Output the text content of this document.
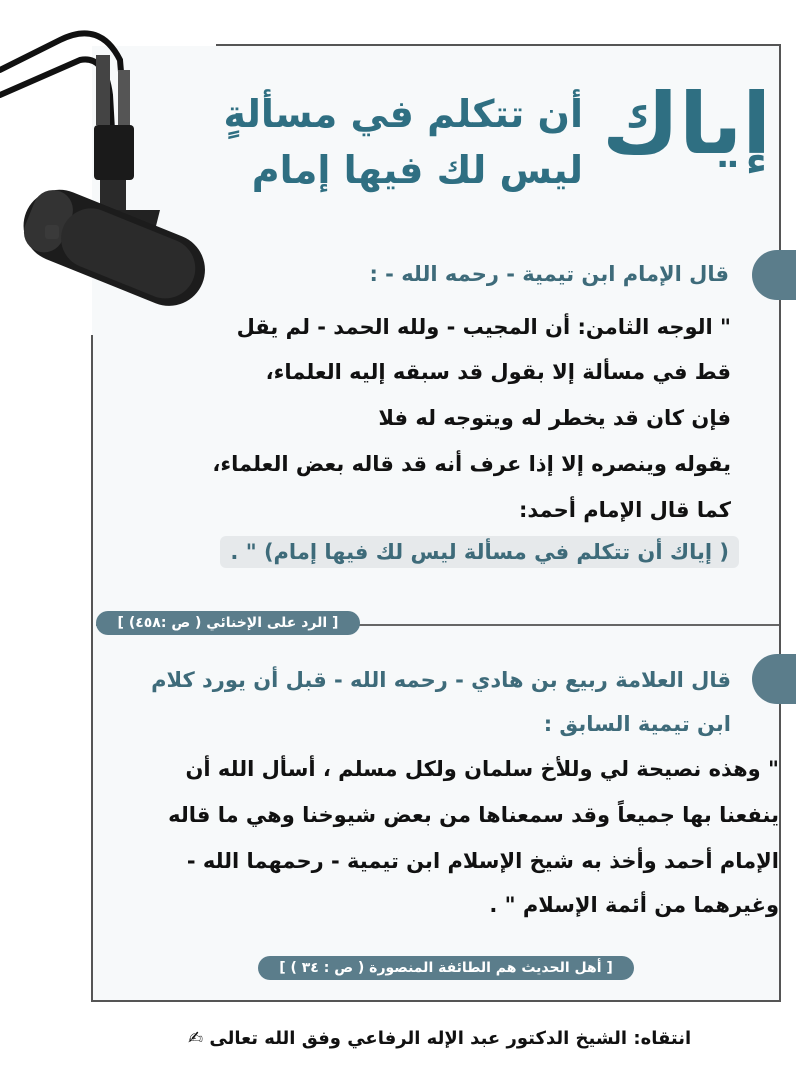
إياك
أن تتكلم في مسألةٍ
ليس لك فيها إمام
قال الإمام ابن تيمية - رحمه الله - :
" الوجه الثامن: أن المجيب - ولله الحمد - لم يقل
قط في مسألة إلا بقول قد سبقه إليه العلماء،
فإن كان قد يخطر له ويتوجه له فلا
يقوله وينصره إلا إذا عرف أنه قد قاله بعض العلماء،
كما قال الإمام أحمد:
( إياك أن تتكلم في مسألة ليس لك فيها إمام) " .
[ الرد على الإخنائي ( ص :٤٥٨) ]
قال العلامة ربيع بن هادي - رحمه الله - قبل أن يورد كلام
ابن تيمية السابق :
" وهذه نصيحة لي وللأخ سلمان ولكل مسلم ، أسأل الله أن
ينفعنا بها جميعاً وقد سمعناها من بعض شيوخنا وهي ما قاله
الإمام أحمد وأخذ به شيخ الإسلام ابن تيمية - رحمهما الله -
وغيرهما من أئمة الإسلام " .
[ أهل الحديث هم الطائفة المنصورة ( ص : ٣٤ ) ]
انتقاه: الشيخ الدكتور عبد الإله الرفاعي وفق الله تعالى ✍
